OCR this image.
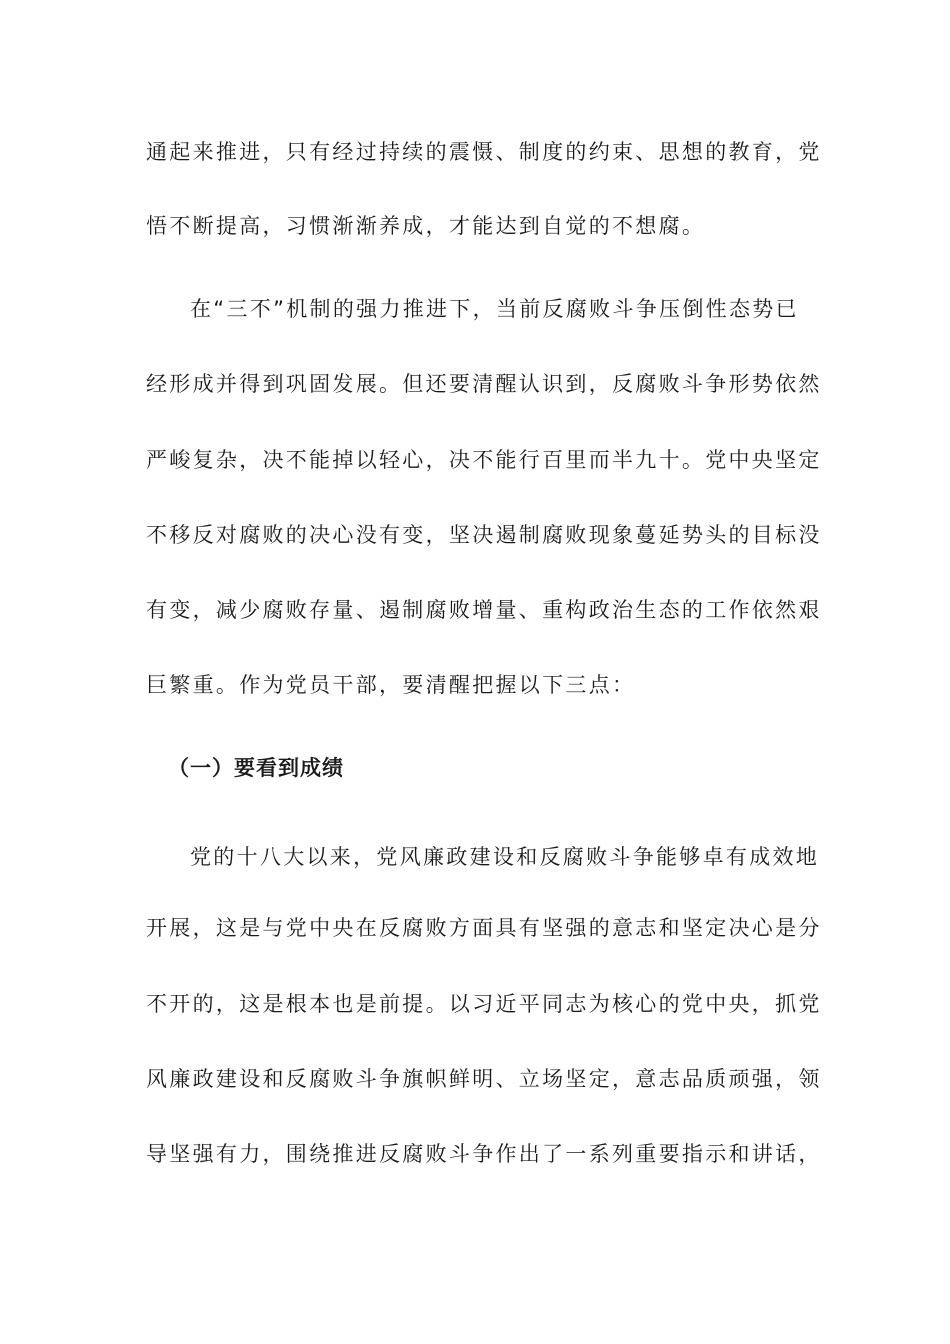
通起来推进，只有经过持续的震慑、制度的约束、思想的教育，党

悟不断提高，习惯渐渐养成，才能达到自觉的不想腐。

在“三不”机制的强力推进下，当前反腐败斗争压倒性态势已

经形成并得到巩固发展。但还要清醒认识到，反腐败斗争形势依然

严峻复杂，决不能掉以轻心，决不能行百里而半九十。党中央坚定

不移反对腐败的决心没有变，坚决遏制腐败现象蔓延势头的目标没

有变，减少腐败存量、遏制腐败增量、重构政治生态的工作依然艰

巨繁重。作为党员干部，要清醒把握以下三点：

（一）要看到成绩

党的十八大以来，党风廉政建设和反腐败斗争能够卓有成效地

开展，这是与党中央在反腐败方面具有坚强的意志和坚定决心是分

不开的，这是根本也是前提。以习近平同志为核心的党中央，抓党

风廉政建设和反腐败斗争旗帜鲜明、立场坚定，意志品质顽强，领

导坚强有力，围绕推进反腐败斗争作出了一系列重要指示和讲话，
